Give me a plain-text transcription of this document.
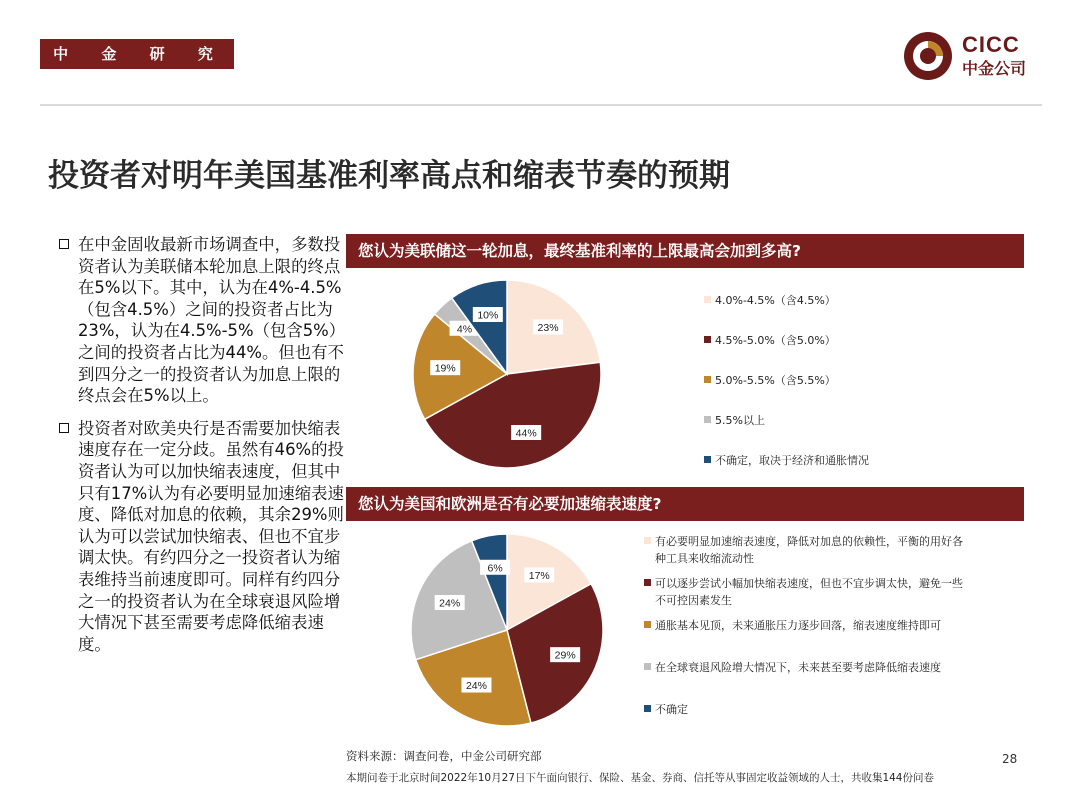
中 金 研 究 部
CICC
中金公司
投资者对明年美国基准利率高点和缩表节奏的预期
在中金固收最新市场调查中，多数投资者认为美联储本轮加息上限的终点在5%以下。其中，认为在4%-4.5%（包含4.5%）之间的投资者占比为23%，认为在4.5%-5%（包含5%）之间的投资者占比为44%。但也有不到四分之一的投资者认为加息上限的终点会在5%以上。
投资者对欧美央行是否需要加快缩表速度存在一定分歧。虽然有46%的投资者认为可以加快缩表速度，但其中只有17%认为有必要明显加速缩表速度、降低对加息的依赖，其余29%则认为可以尝试加快缩表、但也不宜步调太快。有约四分之一投资者认为缩表维持当前速度即可。同样有约四分之一的投资者认为在全球衰退风险增大情况下甚至需要考虑降低缩表速度。
您认为美联储这一轮加息，最终基准利率的上限最高会加到多高?
23%
44%
19%
4%
10%
4.0%-4.5%（含4.5%）
4.5%-5.0%（含5.0%）
5.0%-5.5%（含5.5%）
5.5%以上
不确定，取决于经济和通胀情况
您认为美国和欧洲是否有必要加速缩表速度?
17%
29%
24%
24%
6%
有必要明显加速缩表速度，降低对加息的依赖性，平衡的用好各种工具来收缩流动性
可以逐步尝试小幅加快缩表速度，但也不宜步调太快，避免一些不可控因素发生
通胀基本见顶，未来通胀压力逐步回落，缩表速度维持即可
在全球衰退风险增大情况下，未来甚至要考虑降低缩表速度
不确定
资料来源：调查问卷，中金公司研究部
本期问卷于北京时间2022年10月27日下午面向银行、保险、基金、券商、信托等从事固定收益领域的人士，共收集144份问卷
28
